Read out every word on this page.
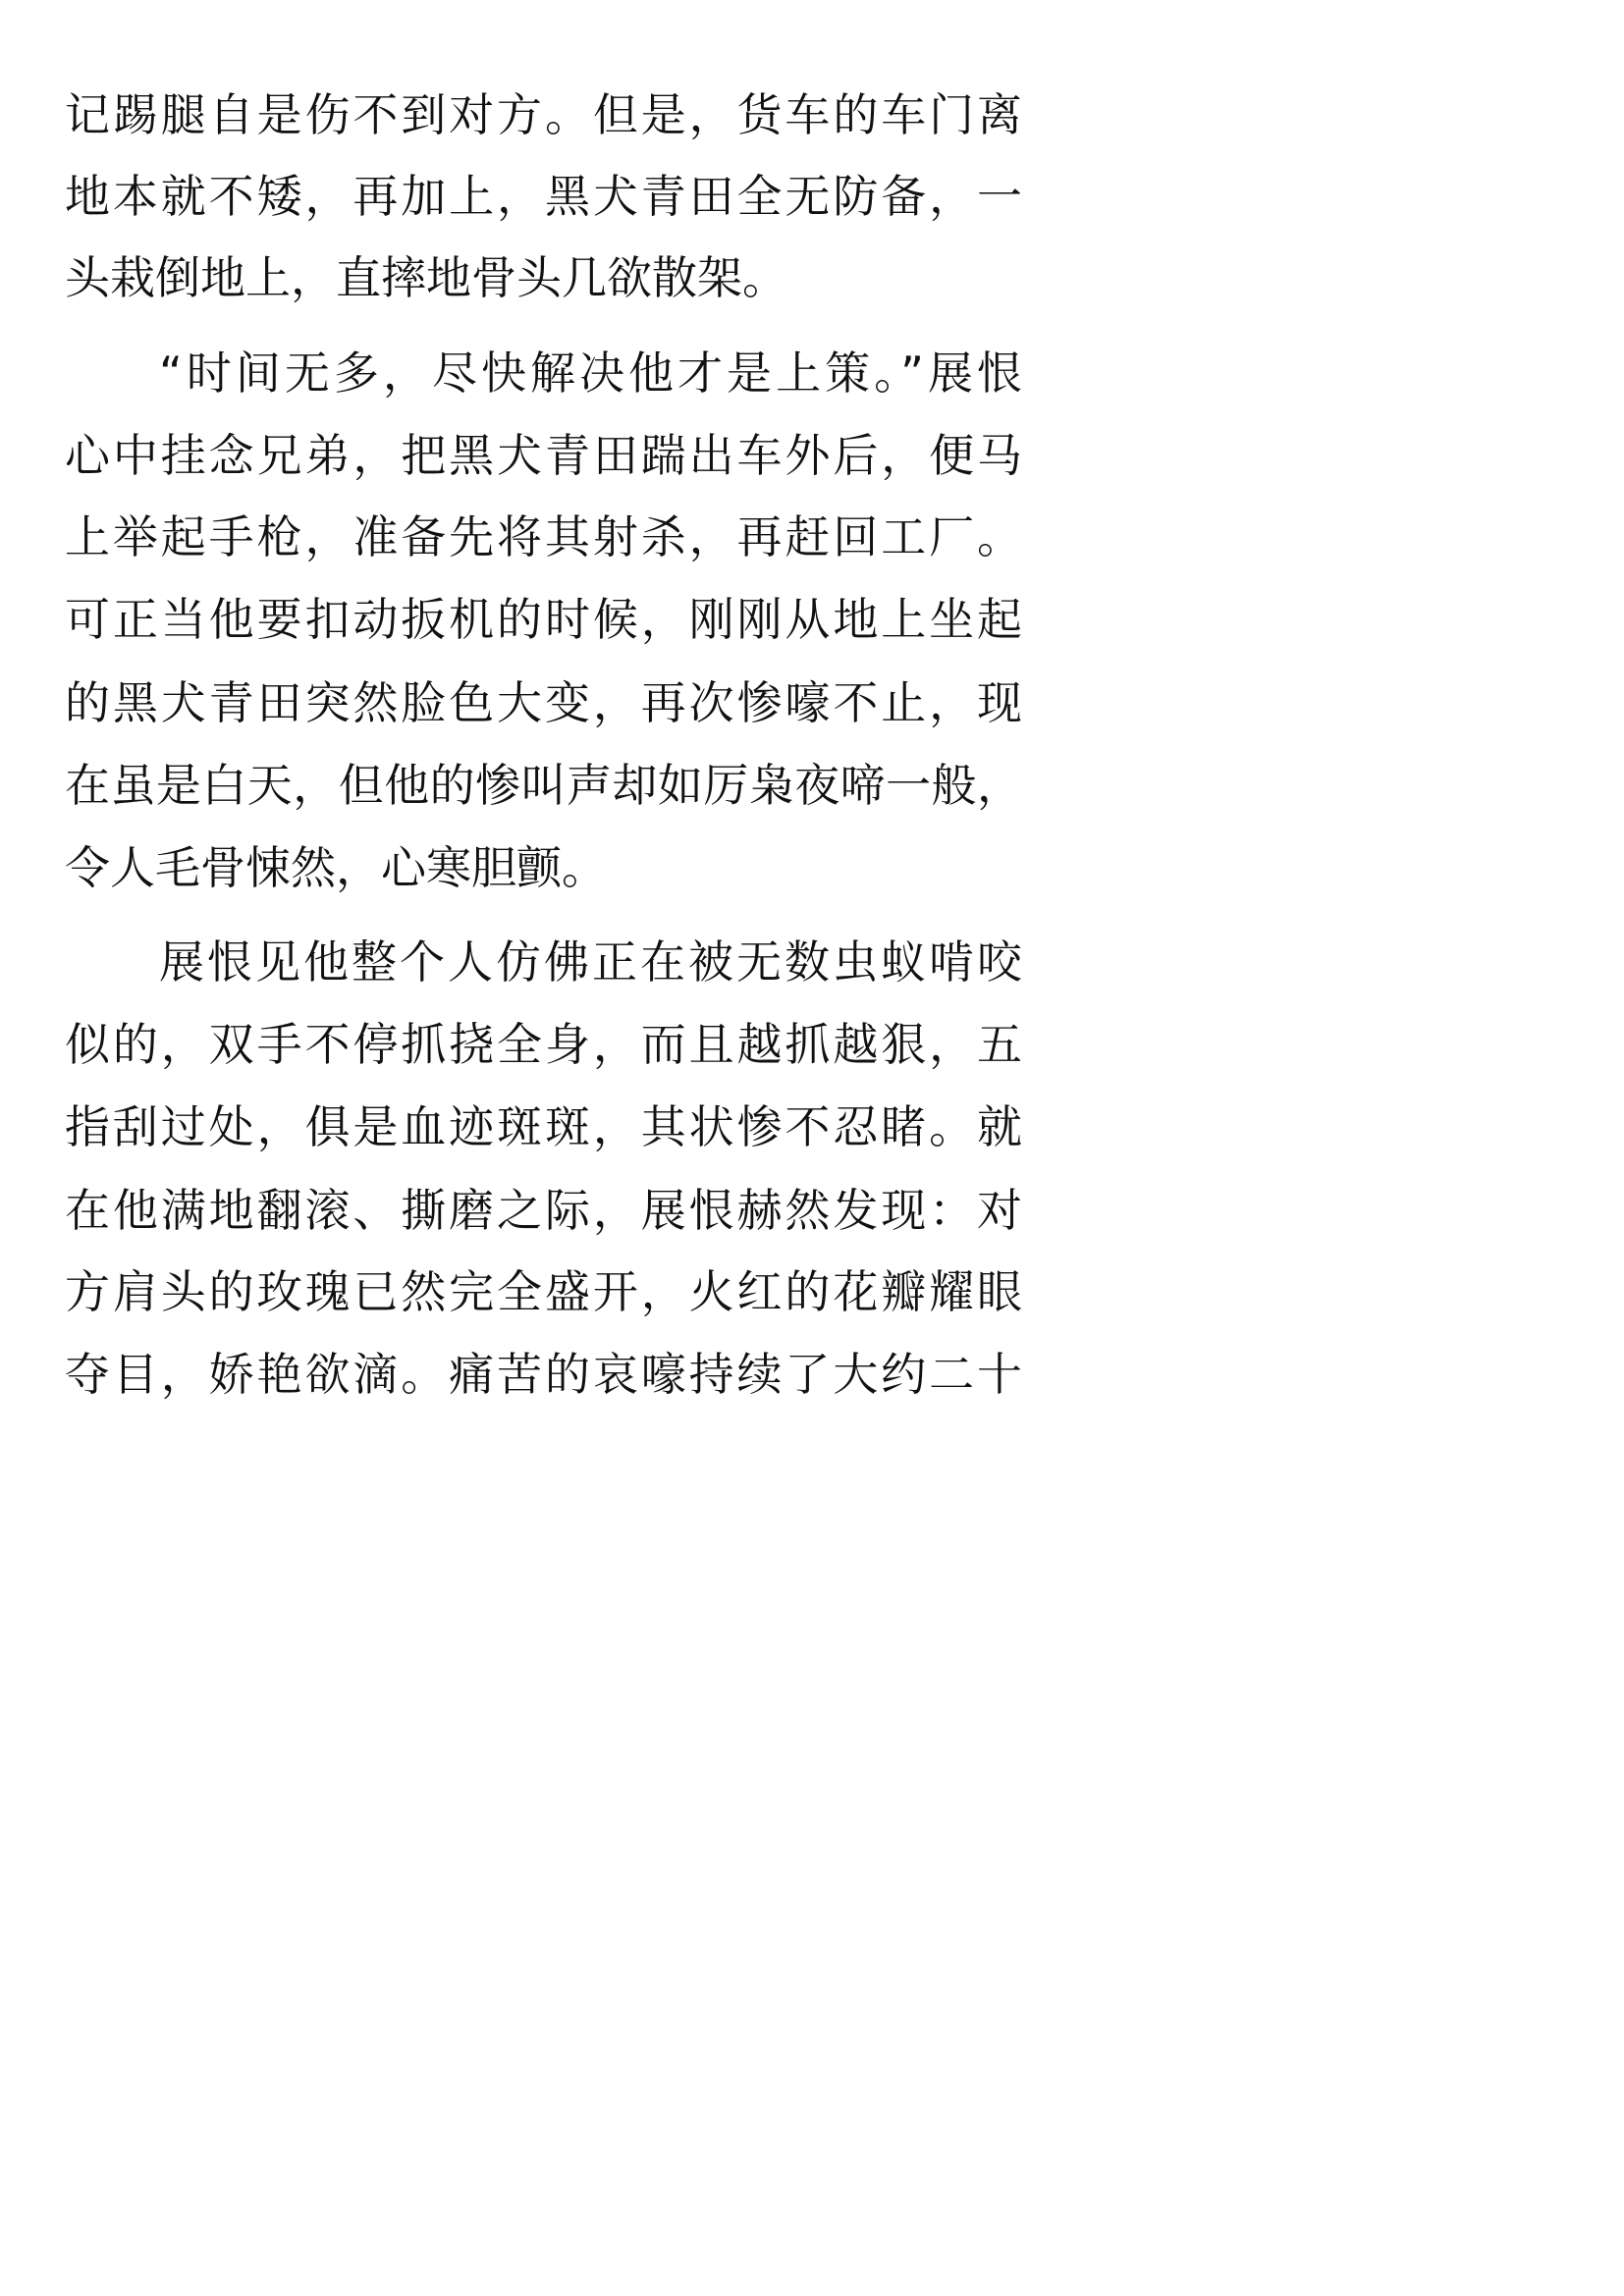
记踢腿自是伤不到对方。但是，货车的车门离
地本就不矮，再加上，黑犬青田全无防备，一
头栽倒地上，直摔地骨头几欲散架。
“时间无多，尽快解决他才是上策。”展恨
心中挂念兄弟，把黑犬青田踹出车外后，便马
上举起手枪，准备先将其射杀，再赶回工厂。
可正当他要扣动扳机的时候，刚刚从地上坐起
的黑犬青田突然脸色大变，再次惨嚎不止，现
在虽是白天，但他的惨叫声却如厉枭夜啼一般，
令人毛骨悚然，心寒胆颤。
展恨见他整个人仿佛正在被无数虫蚁啃咬
似的，双手不停抓挠全身，而且越抓越狠，五
指刮过处，俱是血迹斑斑，其状惨不忍睹。就
在他满地翻滚、撕磨之际，展恨赫然发现：对
方肩头的玫瑰已然完全盛开，火红的花瓣耀眼
夺目，娇艳欲滴。痛苦的哀嚎持续了大约二十
